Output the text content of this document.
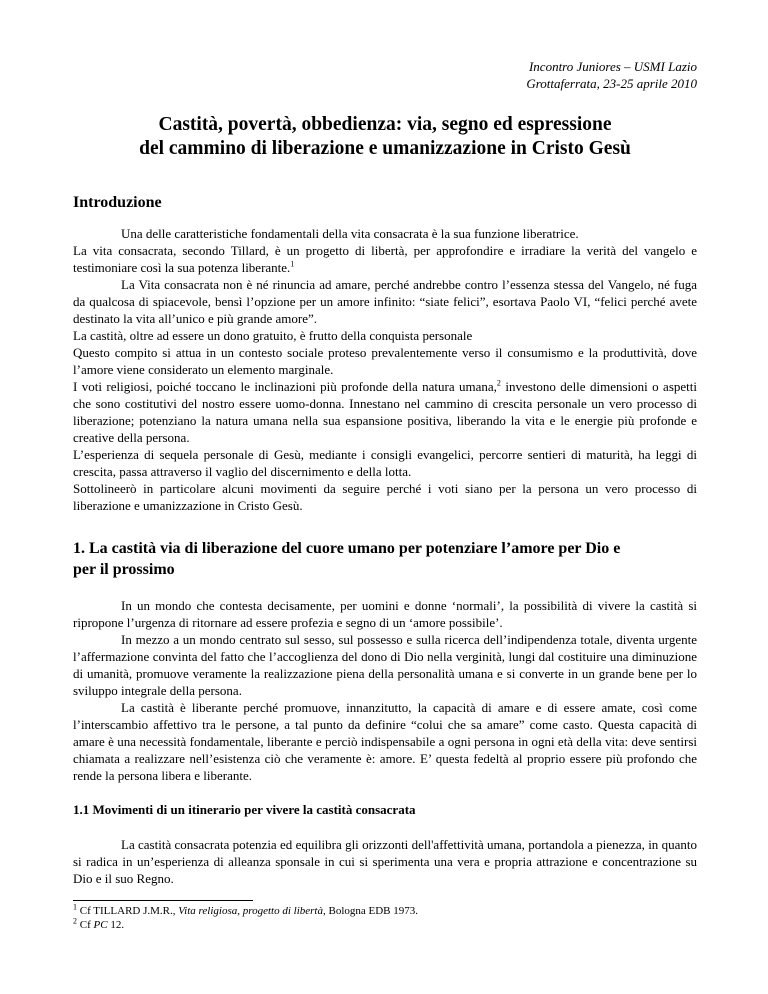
Incontro Juniores – USMI Lazio
Grottaferrata, 23-25 aprile 2010
Castità, povertà, obbedienza: via, segno ed espressione
del cammino di liberazione e umanizzazione in Cristo Gesù
Introduzione

Una delle caratteristiche fondamentali della vita consacrata è la sua funzione liberatrice.

La vita consacrata, secondo Tillard, è un progetto di libertà, per approfondire e irradiare la verità del vangelo e testimoniare così la sua potenza liberante.$^1$

La Vita consacrata non è né rinuncia ad amare, perché andrebbe contro l’essenza stessa del Vangelo, né fuga da qualcosa di spiacevole, bensì l’opzione per un amore infinito: “siate felici”, esortava Paolo VI, “felici perché avete destinato la vita all’unico e più grande amore”.

La castità, oltre ad essere un dono gratuito, è frutto della conquista personale

Questo compito si attua in un contesto sociale proteso prevalentemente verso il consumismo e la produttività, dove l’amore viene considerato un elemento marginale.

I voti religiosi, poiché toccano le inclinazioni più profonde della natura umana,$^2$ investono delle dimensioni o aspetti che sono costitutivi del nostro essere uomo-donna. Innestano nel cammino di crescita personale un vero processo di liberazione; potenziano la natura umana nella sua espansione positiva, liberando la vita e le energie più profonde e creative della persona.

L’esperienza di sequela personale di Gesù, mediante i consigli evangelici, percorre sentieri di maturità, ha leggi di crescita, passa attraverso il vaglio del discernimento e della lotta.

Sottolineerò in particolare alcuni movimenti da seguire perché i voti siano per la persona un vero processo di liberazione e umanizzazione in Cristo Gesù.

1. La castità via di liberazione del cuore umano per potenziare l’amore per Dio e
per il prossimo

In un mondo che contesta decisamente, per uomini e donne ‘normali’, la possibilità di vivere la castità si ripropone l’urgenza di ritornare ad essere profezia e segno di un ‘amore possibile’.

In mezzo a un mondo centrato sul sesso, sul possesso e sulla ricerca dell’indipendenza totale, diventa urgente l’affermazione convinta del fatto che l’accoglienza del dono di Dio nella verginità, lungi dal costituire una diminuzione di umanità, promuove veramente la realizzazione piena della personalità umana e si converte in un grande bene per lo sviluppo integrale della persona.

La castità è liberante perché promuove, innanzitutto, la capacità di amare e di essere amate, così come l’interscambio affettivo tra le persone, a tal punto da definire “colui che sa amare” come casto. Questa capacità di amare è una necessità fondamentale, liberante e perciò indispensabile a ogni persona in ogni età della vita: deve sentirsi chiamata a realizzare nell’esistenza ciò che veramente è: amore. E’ questa fedeltà al proprio essere più profondo che rende la persona libera e liberante.

1.1 Movimenti di un itinerario per vivere la castità consacrata

La castità consacrata potenzia ed equilibra gli orizzonti dell'affettività umana, portandola a pienezza, in quanto si radica in un’esperienza di alleanza sponsale in cui si sperimenta una vera e propria attrazione e concentrazione su Dio e il suo Regno.

$^1$ Cf TILLARD J.M.R., Vita religiosa, progetto di libertà, Bologna EDB 1973.
$^2$ Cf PC 12.
